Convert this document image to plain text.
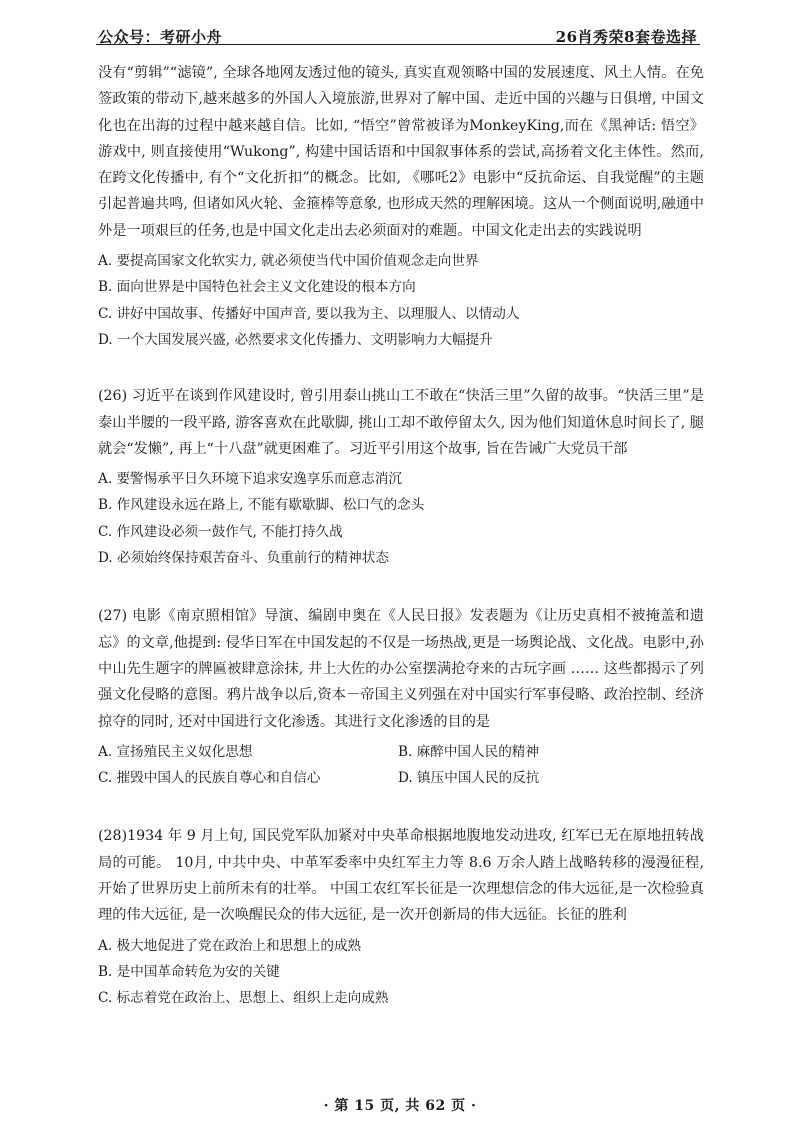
公众号：考研小舟	26肖秀荣8套卷选择

没有“剪辑”“滤镜”, 全球各地网友透过他的镜头, 真实直观领略中国的发展速度、风土人情。在免签政策的带动下,越来越多的外国人入境旅游,世界对了解中国、走近中国的兴趣与日俱增, 中国文化也在出海的过程中越来越自信。比如, “悟空”曾常被译为MonkeyKing,而在《黑神话: 悟空》游戏中, 则直接使用“Wukong”, 构建中国话语和中国叙事体系的尝试,高扬着文化主体性。然而, 在跨文化传播中, 有个“文化折扣”的概念。比如, 《哪吒2》电影中“反抗命运、自我觉醒”的主题引起普遍共鸣, 但诸如风火轮、金箍棒等意象, 也形成天然的理解困境。这从一个侧面说明,融通中外是一项艰巨的任务,也是中国文化走出去必须面对的难题。中国文化走出去的实践说明

A. 要提高国家文化软实力, 就必须使当代中国价值观念走向世界

B. 面向世界是中国特色社会主义文化建设的根本方向

C. 讲好中国故事、传播好中国声音, 要以我为主、以理服人、以情动人

D. 一个大国发展兴盛, 必然要求文化传播力、文明影响力大幅提升

(26) 习近平在谈到作风建设时, 曾引用泰山挑山工不敢在“快活三里”久留的故事。“快活三里”是泰山半腰的一段平路, 游客喜欢在此歇脚, 挑山工却不敢停留太久, 因为他们知道休息时间长了, 腿就会“发懒”, 再上“十八盘”就更困难了。习近平引用这个故事, 旨在告诫广大党员干部

A. 要警惕承平日久环境下追求安逸享乐而意志消沉

B. 作风建设永远在路上, 不能有歇歇脚、松口气的念头

C. 作风建设必须一鼓作气, 不能打持久战

D. 必须始终保持艰苦奋斗、负重前行的精神状态

(27) 电影《南京照相馆》导演、编剧申奥在《人民日报》发表题为《让历史真相不被掩盖和遗忘》的文章,他提到: 侵华日军在中国发起的不仅是一场热战,更是一场舆论战、文化战。电影中,孙中山先生题字的牌匾被肆意涂抹, 井上大佐的办公室摆满抢夺来的古玩字画 …… 这些都揭示了列强文化侵略的意图。鸦片战争以后,资本－帝国主义列强在对中国实行军事侵略、政治控制、经济掠夺的同时, 还对中国进行文化渗透。其进行文化渗透的目的是

A. 宣扬殖民主义奴化思想	B. 麻醉中国人民的精神

C. 摧毁中国人的民族自尊心和自信心	D. 镇压中国人民的反抗

(28)1934 年 9 月上旬, 国民党军队加紧对中央革命根据地腹地发动进攻, 红军已无在原地扭转战局的可能。 10月, 中共中央、中革军委率中央红军主力等 8.6 万余人踏上战略转移的漫漫征程,开始了世界历史上前所未有的壮举。 中国工农红军长征是一次理想信念的伟大远征,是一次检验真理的伟大远征, 是一次唤醒民众的伟大远征, 是一次开创新局的伟大远征。长征的胜利

A. 极大地促进了党在政治上和思想上的成熟

B. 是中国革命转危为安的关键

C. 标志着党在政治上、思想上、组织上走向成熟

· 第 15 页, 共 62 页 ·
